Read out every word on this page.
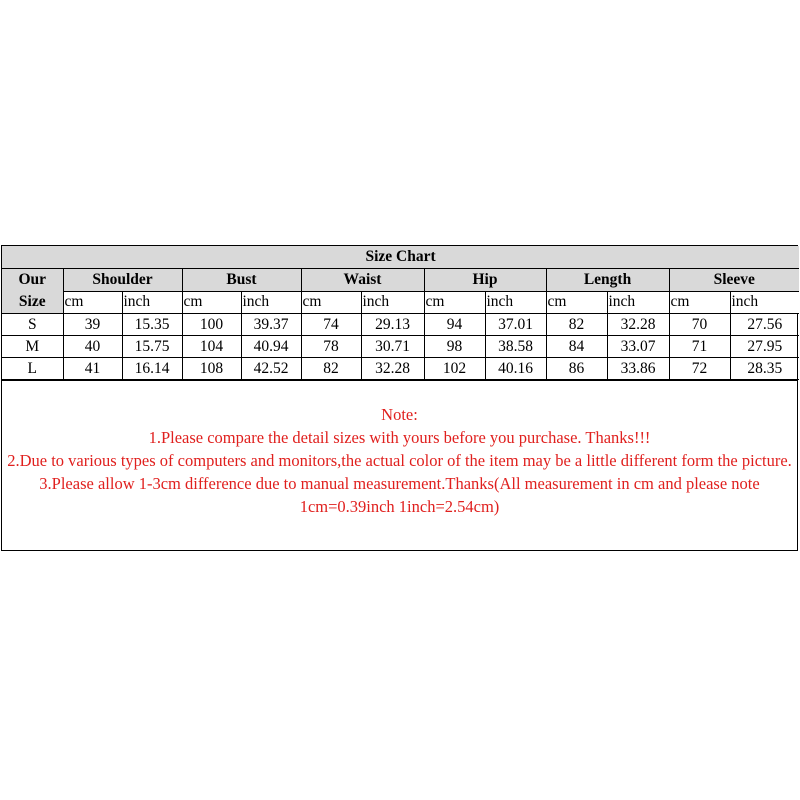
Size Chart												
Our
Size	Shoulder		Bust		Waist		Hip		Length		Sleeve	
	cm	inch	cm	inch	cm	inch	cm	inch	cm	inch	cm	inch
S	39	15.35	100	39.37	74	29.13	94	37.01	82	32.28	70	27.56
M	40	15.75	104	40.94	78	30.71	98	38.58	84	33.07	71	27.95
L	41	16.14	108	42.52	82	32.28	102	40.16	86	33.86	72	28.35
Note:
1.Please compare the detail sizes with yours before you purchase. Thanks!!!
2.Due to various types of computers and monitors,the actual color of the item may be a little different form the picture.
3.Please allow 1-3cm difference due to manual measurement.Thanks(All measurement in cm and please note 1cm=0.39inch 1inch=2.54cm)
